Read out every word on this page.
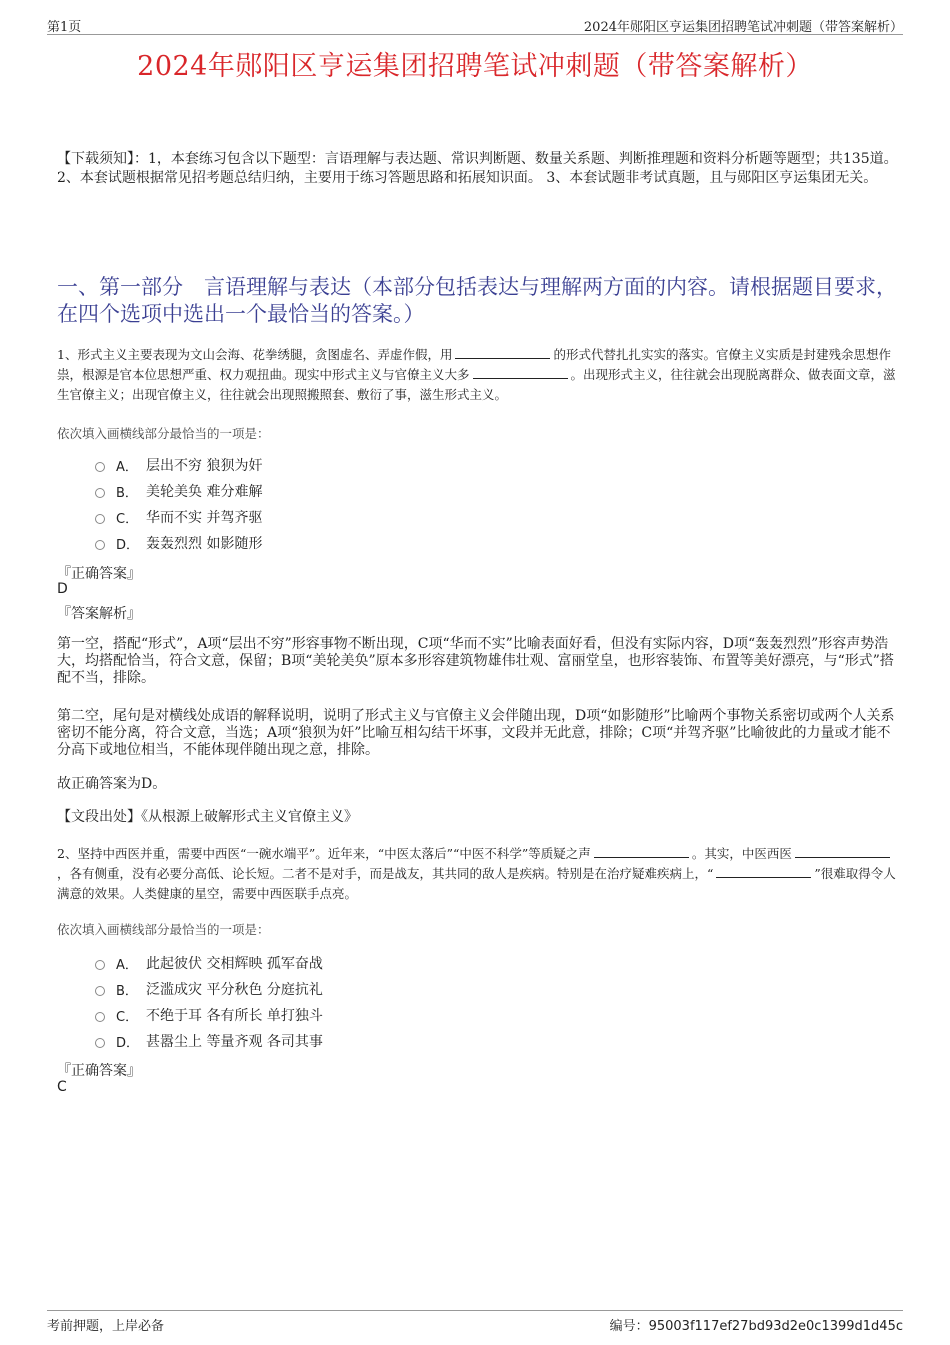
第1页	2024年郧阳区亨运集团招聘笔试冲刺题（带答案解析）
2024年郧阳区亨运集团招聘笔试冲刺题（带答案解析）
【下载须知】：1，本套练习包含以下题型：言语理解与表达题、常识判断题、数量关系题、判断推理题和资料分析题等题型；共135道。 2、本套试题根据常见招考题总结归纳，主要用于练习答题思路和拓展知识面。 3、本套试题非考试真题，且与郧阳区亨运集团无关。
一、第一部分　言语理解与表达（本部分包括表达与理解两方面的内容。请根据题目要求，在四个选项中选出一个最恰当的答案。）
1、形式主义主要表现为文山会海、花拳绣腿，贪图虚名、弄虚作假，用	的形式代替扎扎实实的落实。官僚主义实质是封建残余思想作祟，根源是官本位思想严重、权力观扭曲。现实中形式主义与官僚主义大多	。出现形式主义，往往就会出现脱离群众、做表面文章，滋生官僚主义；出现官僚主义，往往就会出现照搬照套、敷衍了事，滋生形式主义。
依次填入画横线部分最恰当的一项是：
A． 层出不穷 狼狈为奸
B． 美轮美奂 难分难解
C． 华而不实 并驾齐驱
D． 轰轰烈烈 如影随形
『正确答案』
D
『答案解析』
第一空，搭配“形式”，A项“层出不穷”形容事物不断出现，C项“华而不实”比喻表面好看，但没有实际内容，D项“轰轰烈烈”形容声势浩大，均搭配恰当，符合文意，保留；B项“美轮美奂”原本多形容建筑物雄伟壮观、富丽堂皇，也形容装饰、布置等美好漂亮，与“形式”搭配不当，排除。
第二空，尾句是对横线处成语的解释说明，说明了形式主义与官僚主义会伴随出现，D项“如影随形”比喻两个事物关系密切或两个人关系密切不能分离，符合文意，当选；A项“狼狈为奸”比喻互相勾结干坏事，文段并无此意，排除；C项“并驾齐驱”比喻彼此的力量或才能不分高下或地位相当，不能体现伴随出现之意，排除。
故正确答案为D。
【文段出处】《从根源上破解形式主义官僚主义》
2、坚持中西医并重，需要中西医“一碗水端平”。近年来，“中医太落后”“中医不科学”等质疑之声	。其实，中医西医，各有侧重，没有必要分高低、论长短。二者不是对手，而是战友，其共同的敌人是疾病。特别是在治疗疑难疾病上，“	”很难取得令人满意的效果。人类健康的星空，需要中西医联手点亮。
依次填入画横线部分最恰当的一项是：
A． 此起彼伏 交相辉映 孤军奋战
B． 泛滥成灾 平分秋色 分庭抗礼
C． 不绝于耳 各有所长 单打独斗
D． 甚嚣尘上 等量齐观 各司其事
『正确答案』
C
考前押题，上岸必备	编号：95003f117ef27bd93d2e0c1399d1d45c
